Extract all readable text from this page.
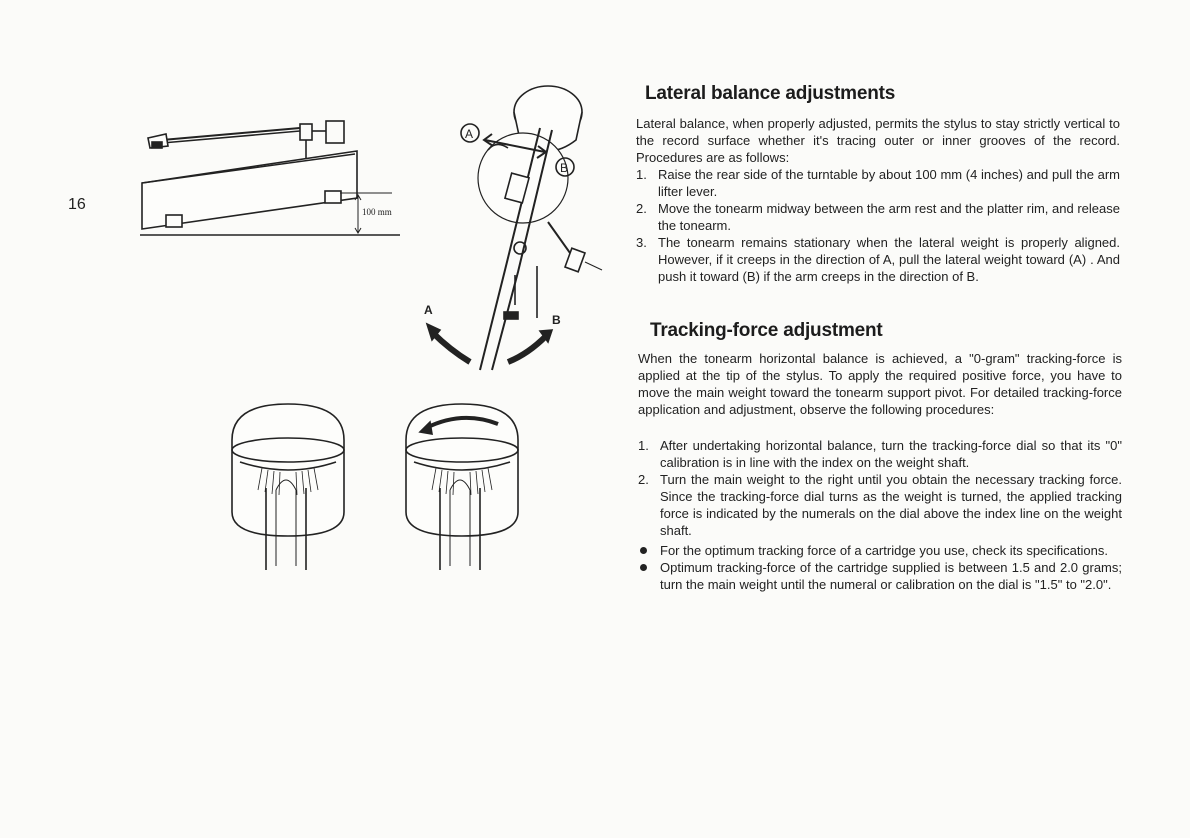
16	100 mm
A
B
A
B
Lateral balance adjustments

Lateral balance, when properly adjusted, permits the stylus to stay strictly vertical to the record surface whether it's tracing outer or inner grooves of the record. Procedures are as follows:

1. Raise the rear side of the turntable by about 100 mm (4 inches) and pull the arm lifter lever.
2. Move the tonearm midway between the arm rest and the platter rim, and release the tonearm.
3. The tonearm remains stationary when the lateral weight is properly aligned. However, if it creeps in the direction of A, pull the lateral weight toward (A) . And push it toward (B) if the arm creeps in the direction of B.
Tracking-force adjustment

When the tonearm horizontal balance is achieved, a "0-gram" tracking-force is applied at the tip of the stylus. To apply the required positive force, you have to move the main weight toward the tonearm support pivot. For detailed tracking-force application and adjustment, observe the following procedures:

1. After undertaking horizontal balance, turn the tracking-force dial so that its "0" calibration is in line with the index on the weight shaft.
2. Turn the main weight to the right until you obtain the necessary tracking force. Since the tracking-force dial turns as the weight is turned, the applied tracking force is indicated by the numerals on the dial above the index line on the weight shaft.
For the optimum tracking force of a cartridge you use, check its specifications.
Optimum tracking-force of the cartridge supplied is between 1.5 and 2.0 grams; turn the main weight until the numeral or calibration on the dial is "1.5" to "2.0".
